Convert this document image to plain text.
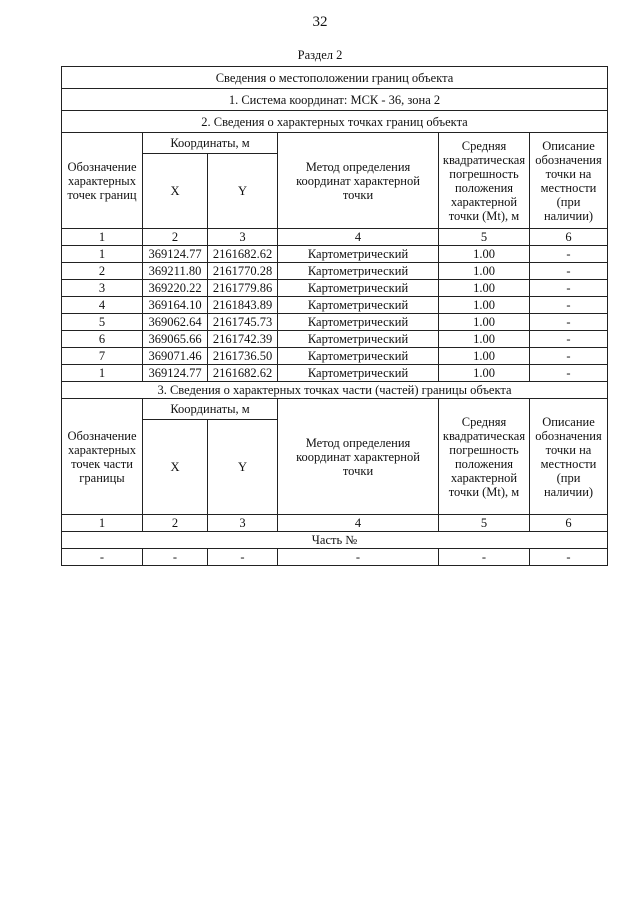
32
Раздел 2
Сведения о местоположении границ объекта					
1. Система координат: МСК - 36, зона 2					
2. Сведения о характерных точках границ объекта					
Обозначение характерных точек границ	Координаты, м		Метод определения координат характерной точки	Средняя квадратическая погрешность положения характерной точки (Mt), м	Описание обозначения точки на местности (при наличии)
	X	Y			
1	2	3	4	5	6
1	369124.77	2161682.62	Картометрический	1.00	-
2	369211.80	2161770.28	Картометрический	1.00	-
3	369220.22	2161779.86	Картометрический	1.00	-
4	369164.10	2161843.89	Картометрический	1.00	-
5	369062.64	2161745.73	Картометрический	1.00	-
6	369065.66	2161742.39	Картометрический	1.00	-
7	369071.46	2161736.50	Картометрический	1.00	-
1	369124.77	2161682.62	Картометрический	1.00	-
3. Сведения о характерных точках части (частей) границы объекта					
Обозначение характерных точек части границы	Координаты, м		Метод определения координат характерной точки	Средняя квадратическая погрешность положения характерной точки (Mt), м	Описание обозначения точки на местности (при наличии)
	X	Y			
1	2	3	4	5	6
Часть №					
-	-	-	-	-	-
